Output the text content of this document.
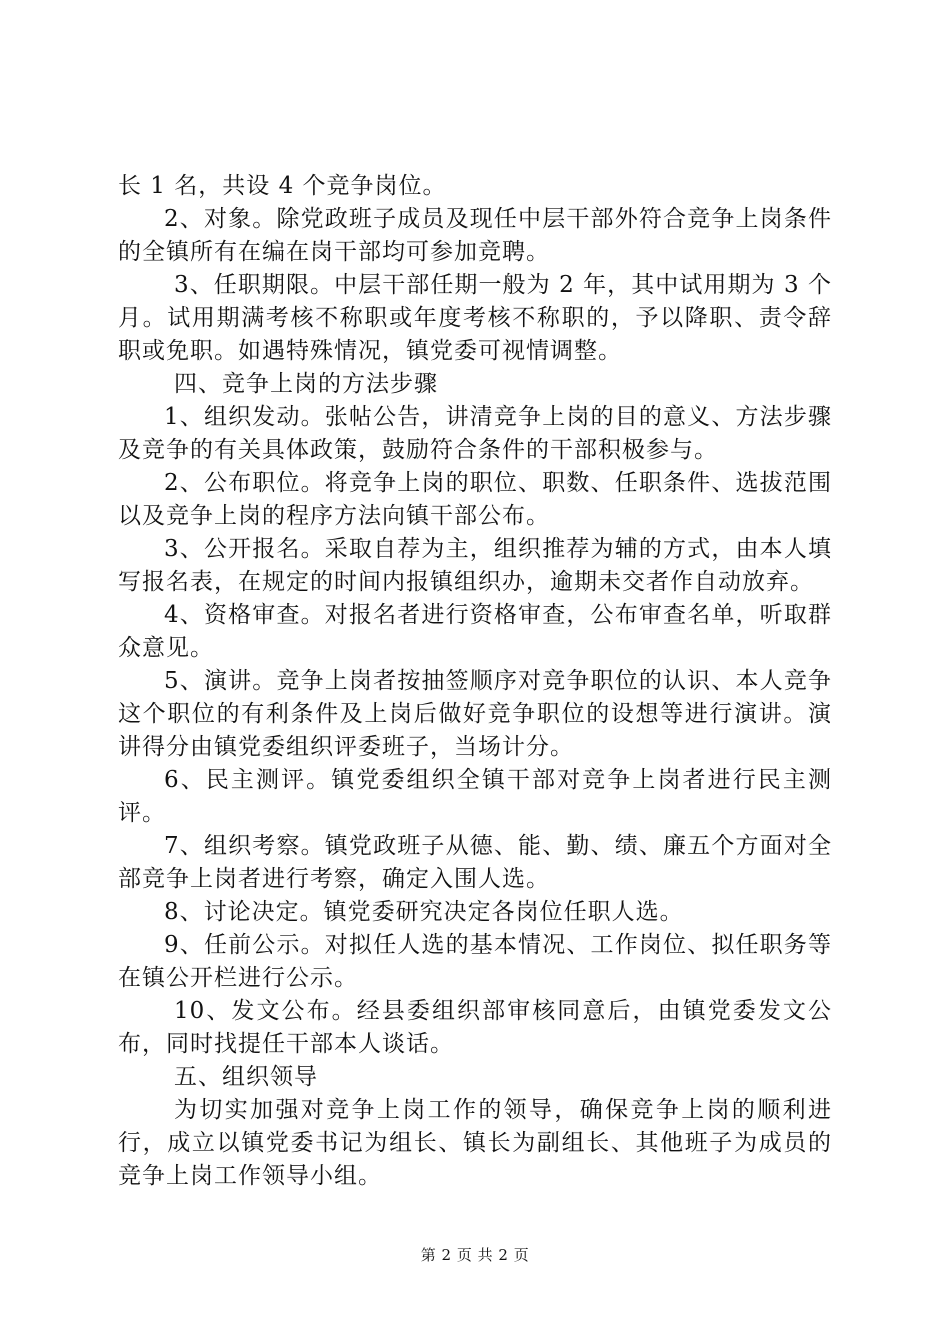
长 1 名，共设 4 个竞争岗位。

2、对象。除党政班子成员及现任中层干部外符合竞争上岗条件的全镇所有在编在岗干部均可参加竞聘。

3、任职期限。中层干部任期一般为 2 年，其中试用期为 3 个月。试用期满考核不称职或年度考核不称职的，予以降职、责令辞职或免职。如遇特殊情况，镇党委可视情调整。

四、竞争上岗的方法步骤

1、组织发动。张帖公告，讲清竞争上岗的目的意义、方法步骤及竞争的有关具体政策，鼓励符合条件的干部积极参与。

2、公布职位。将竞争上岗的职位、职数、任职条件、选拔范围以及竞争上岗的程序方法向镇干部公布。

3、公开报名。采取自荐为主，组织推荐为辅的方式，由本人填写报名表，在规定的时间内报镇组织办，逾期未交者作自动放弃。

4、资格审查。对报名者进行资格审查，公布审查名单，听取群众意见。

5、演讲。竞争上岗者按抽签顺序对竞争职位的认识、本人竞争这个职位的有利条件及上岗后做好竞争职位的设想等进行演讲。演讲得分由镇党委组织评委班子，当场计分。

6、民主测评。镇党委组织全镇干部对竞争上岗者进行民主测评。

7、组织考察。镇党政班子从德、能、勤、绩、廉五个方面对全部竞争上岗者进行考察，确定入围人选。

8、讨论决定。镇党委研究决定各岗位任职人选。

9、任前公示。对拟任人选的基本情况、工作岗位、拟任职务等在镇公开栏进行公示。

10、发文公布。经县委组织部审核同意后，由镇党委发文公布，同时找提任干部本人谈话。

五、组织领导

为切实加强对竞争上岗工作的领导，确保竞争上岗的顺利进行，成立以镇党委书记为组长、镇长为副组长、其他班子为成员的竞争上岗工作领导小组。

第 2 页 共 2 页
